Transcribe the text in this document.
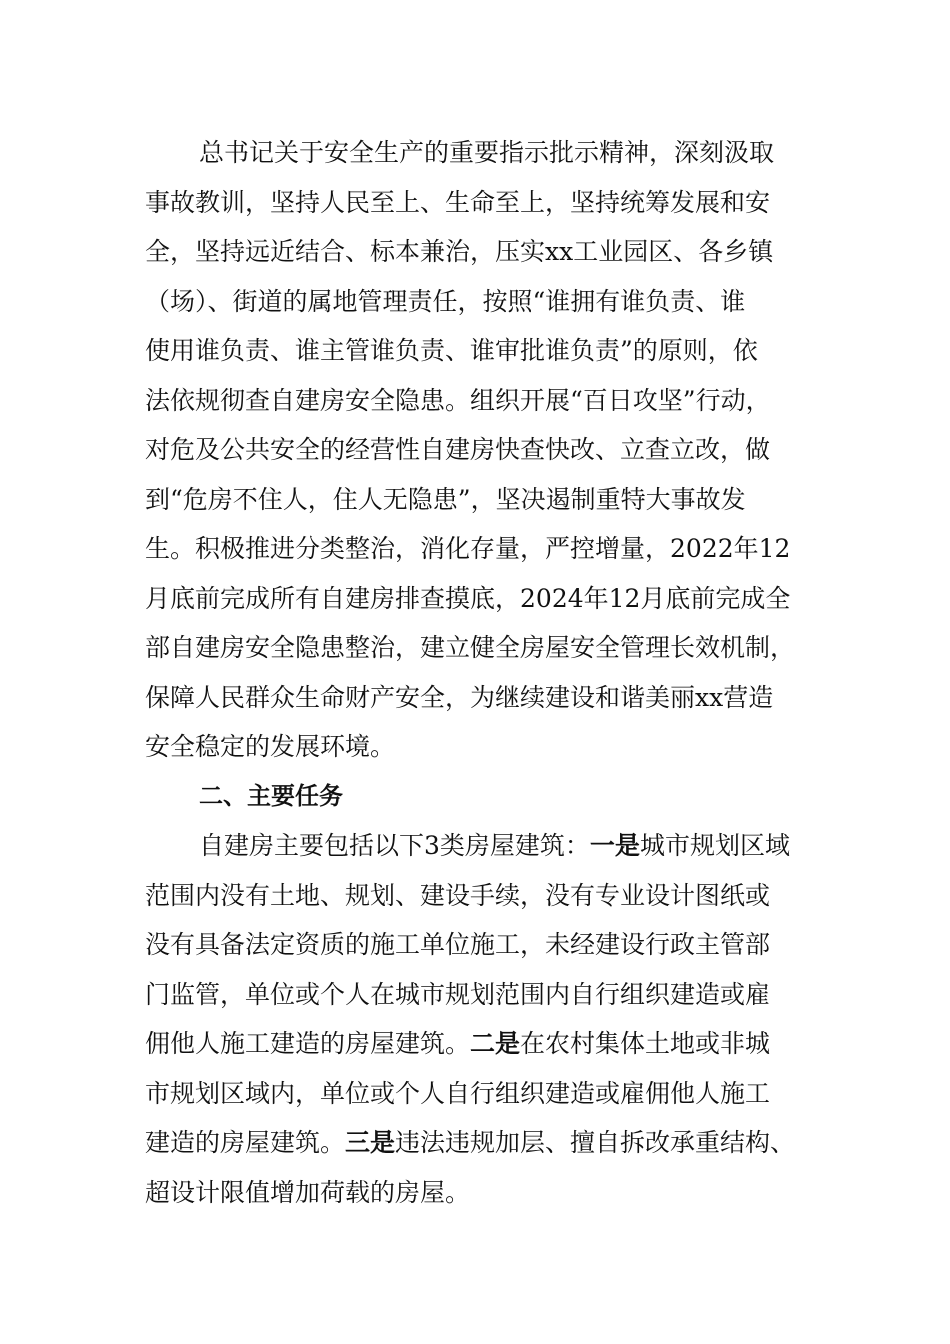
总书记关于安全生产的重要指示批示精神，深刻汲取
事故教训，坚持人民至上、生命至上，坚持统筹发展和安
全，坚持远近结合、标本兼治，压实xx工业园区、各乡镇
（场）、街道的属地管理责任，按照“谁拥有谁负责、谁
使用谁负责、谁主管谁负责、谁审批谁负责”的原则，依
法依规彻查自建房安全隐患。组织开展“百日攻坚”行动，
对危及公共安全的经营性自建房快查快改、立查立改，做
到“危房不住人，住人无隐患”，坚决遏制重特大事故发
生。积极推进分类整治，消化存量，严控增量，2022年12
月底前完成所有自建房排查摸底，2024年12月底前完成全
部自建房安全隐患整治，建立健全房屋安全管理长效机制，
保障人民群众生命财产安全，为继续建设和谐美丽xx营造
安全稳定的发展环境。
二、主要任务
自建房主要包括以下3类房屋建筑：一是城市规划区域
范围内没有土地、规划、建设手续，没有专业设计图纸或
没有具备法定资质的施工单位施工，未经建设行政主管部
门监管，单位或个人在城市规划范围内自行组织建造或雇
佣他人施工建造的房屋建筑。二是在农村集体土地或非城
市规划区域内，单位或个人自行组织建造或雇佣他人施工
建造的房屋建筑。三是违法违规加层、擅自拆改承重结构、
超设计限值增加荷载的房屋。
